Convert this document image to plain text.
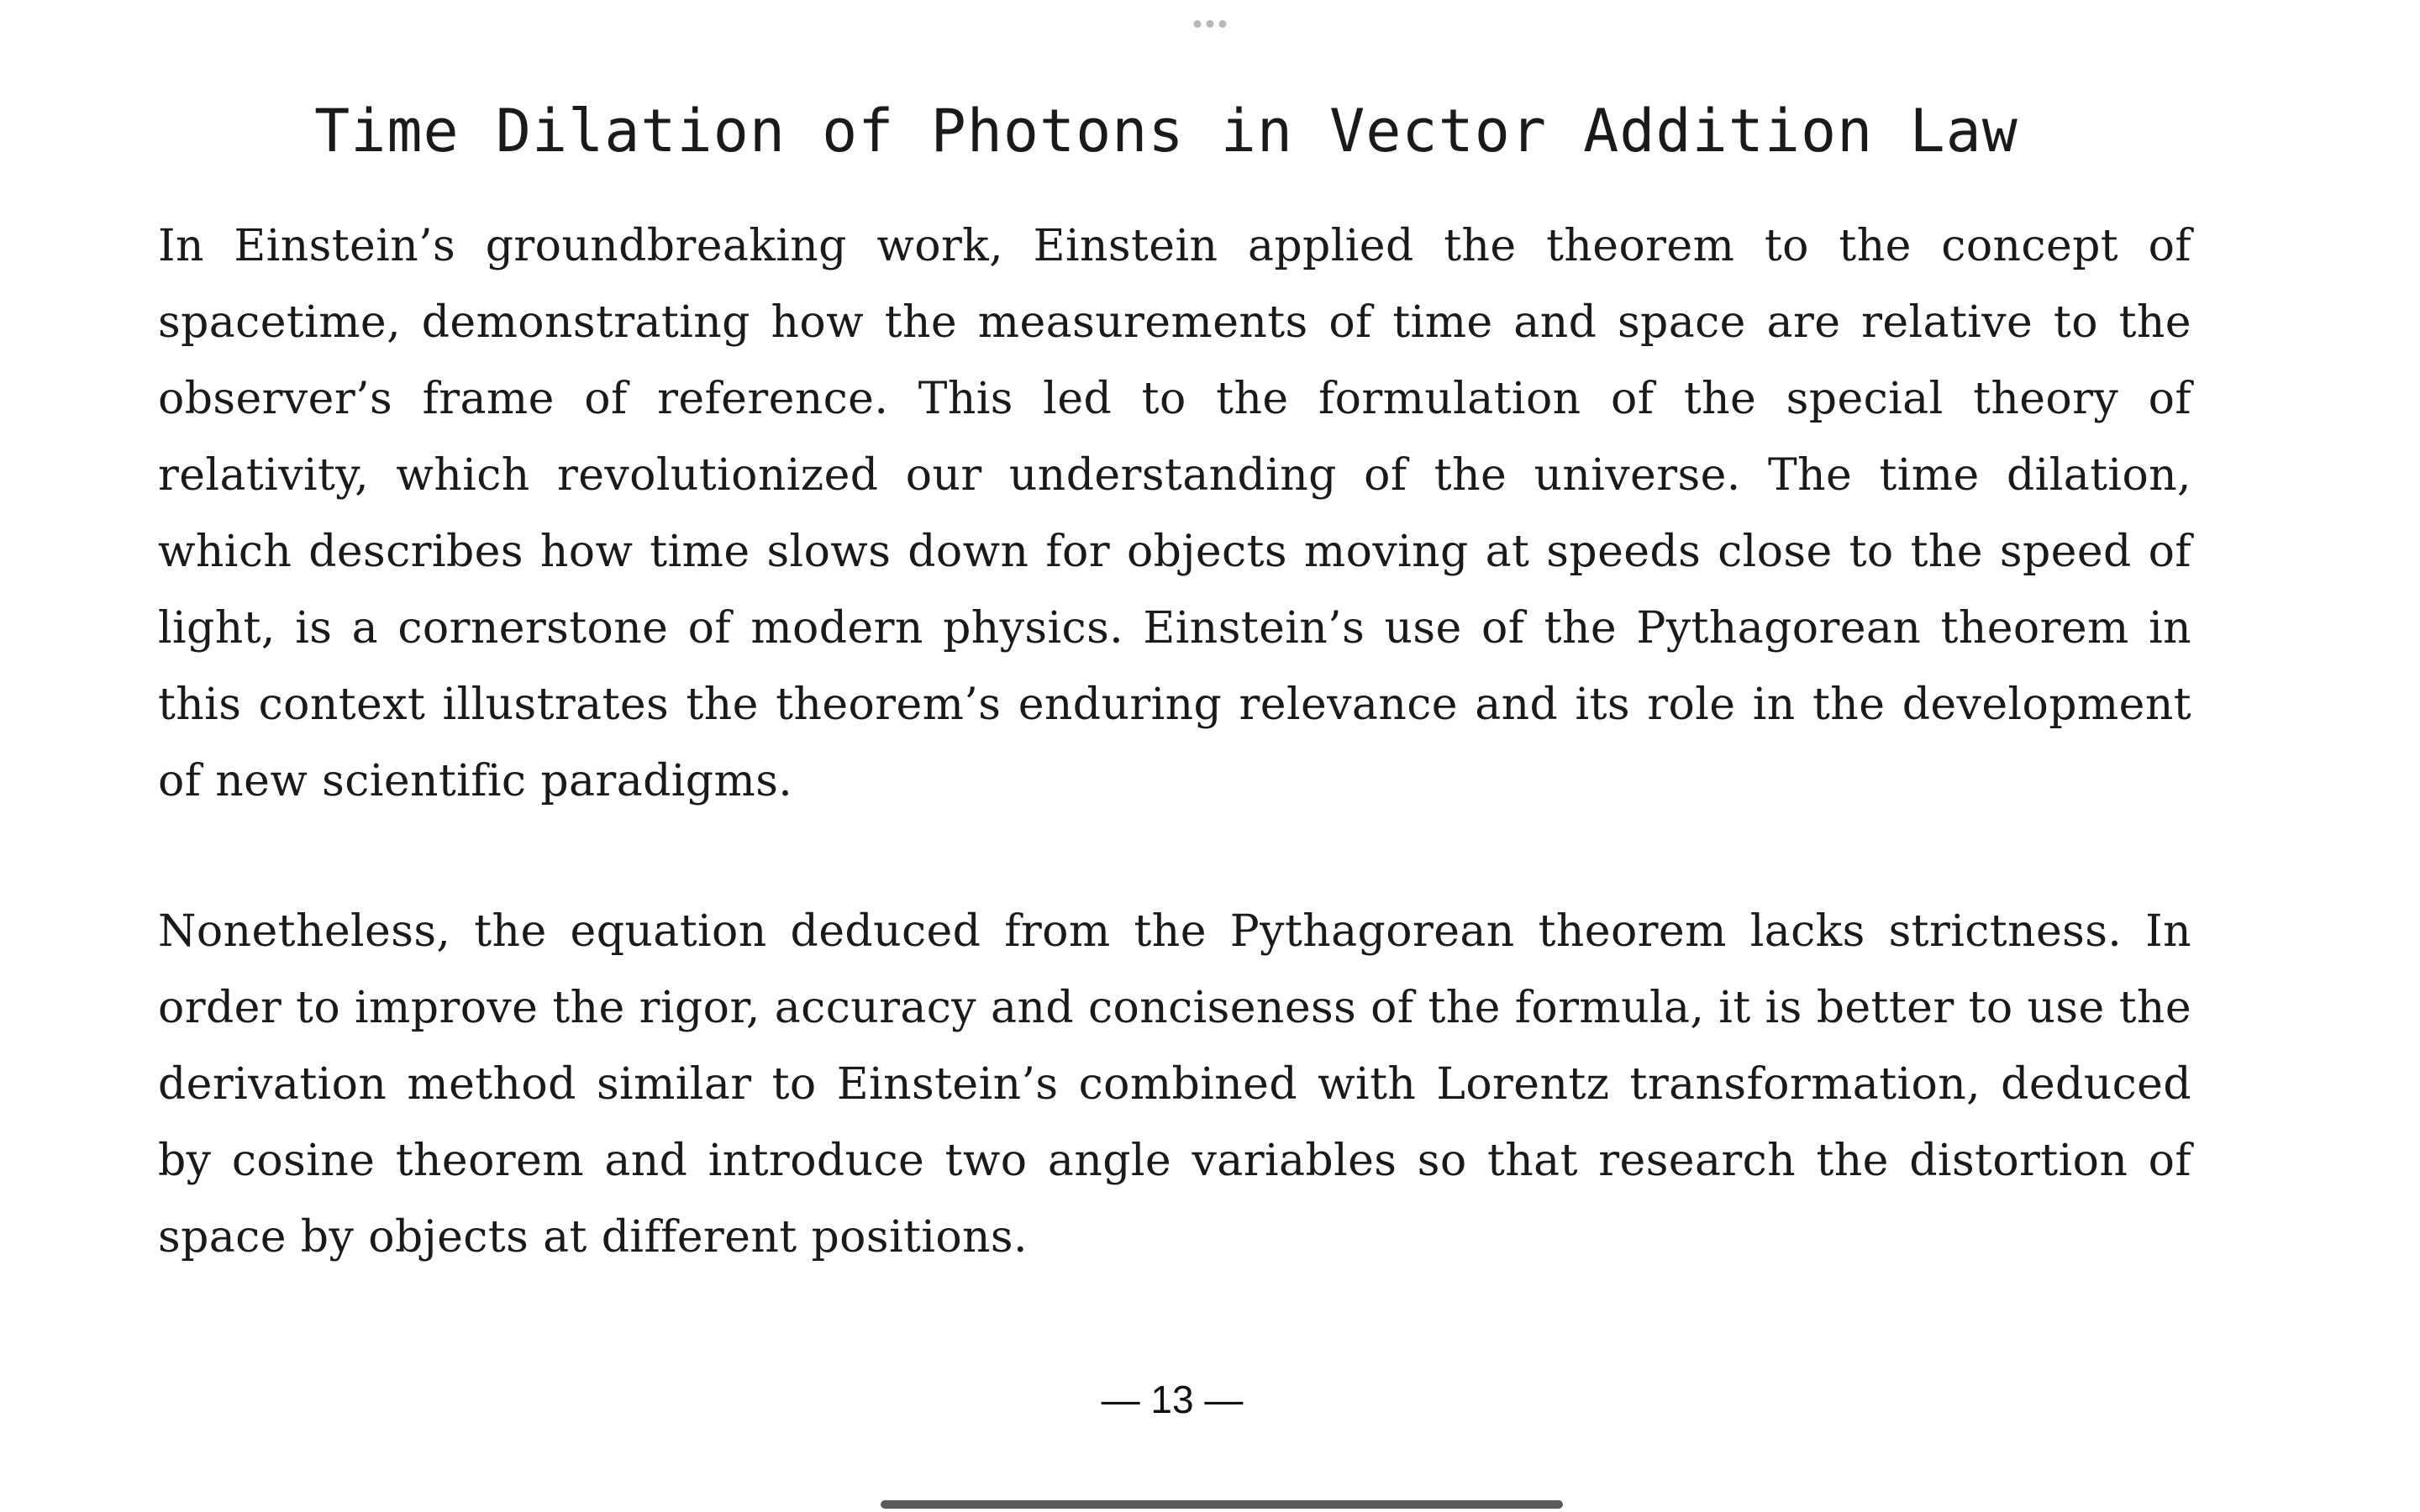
Time Dilation of Photons in Vector Addition Law

In Einstein’s groundbreaking work, Einstein applied the theorem to the concept of spacetime, demonstrating how the measurements of time and space are relative to the observer’s frame of reference. This led to the formulation of the special theory of relativity, which revolutionized our understanding of the universe. The time dilation, which describes how time slows down for objects moving at speeds close to the speed of light, is a cornerstone of modern physics. Einstein’s use of the Pythagorean theorem in this context illustrates the theorem’s enduring relevance and its role in the development of new scientific paradigms.

Nonetheless, the equation deduced from the Pythagorean theorem lacks strictness. In order to improve the rigor, accuracy and conciseness of the formula, it is better to use the derivation method similar to Einstein’s combined with Lorentz transformation, deduced by cosine theorem and introduce two angle variables so that research the distortion of space by objects at different positions.

— 13 —
